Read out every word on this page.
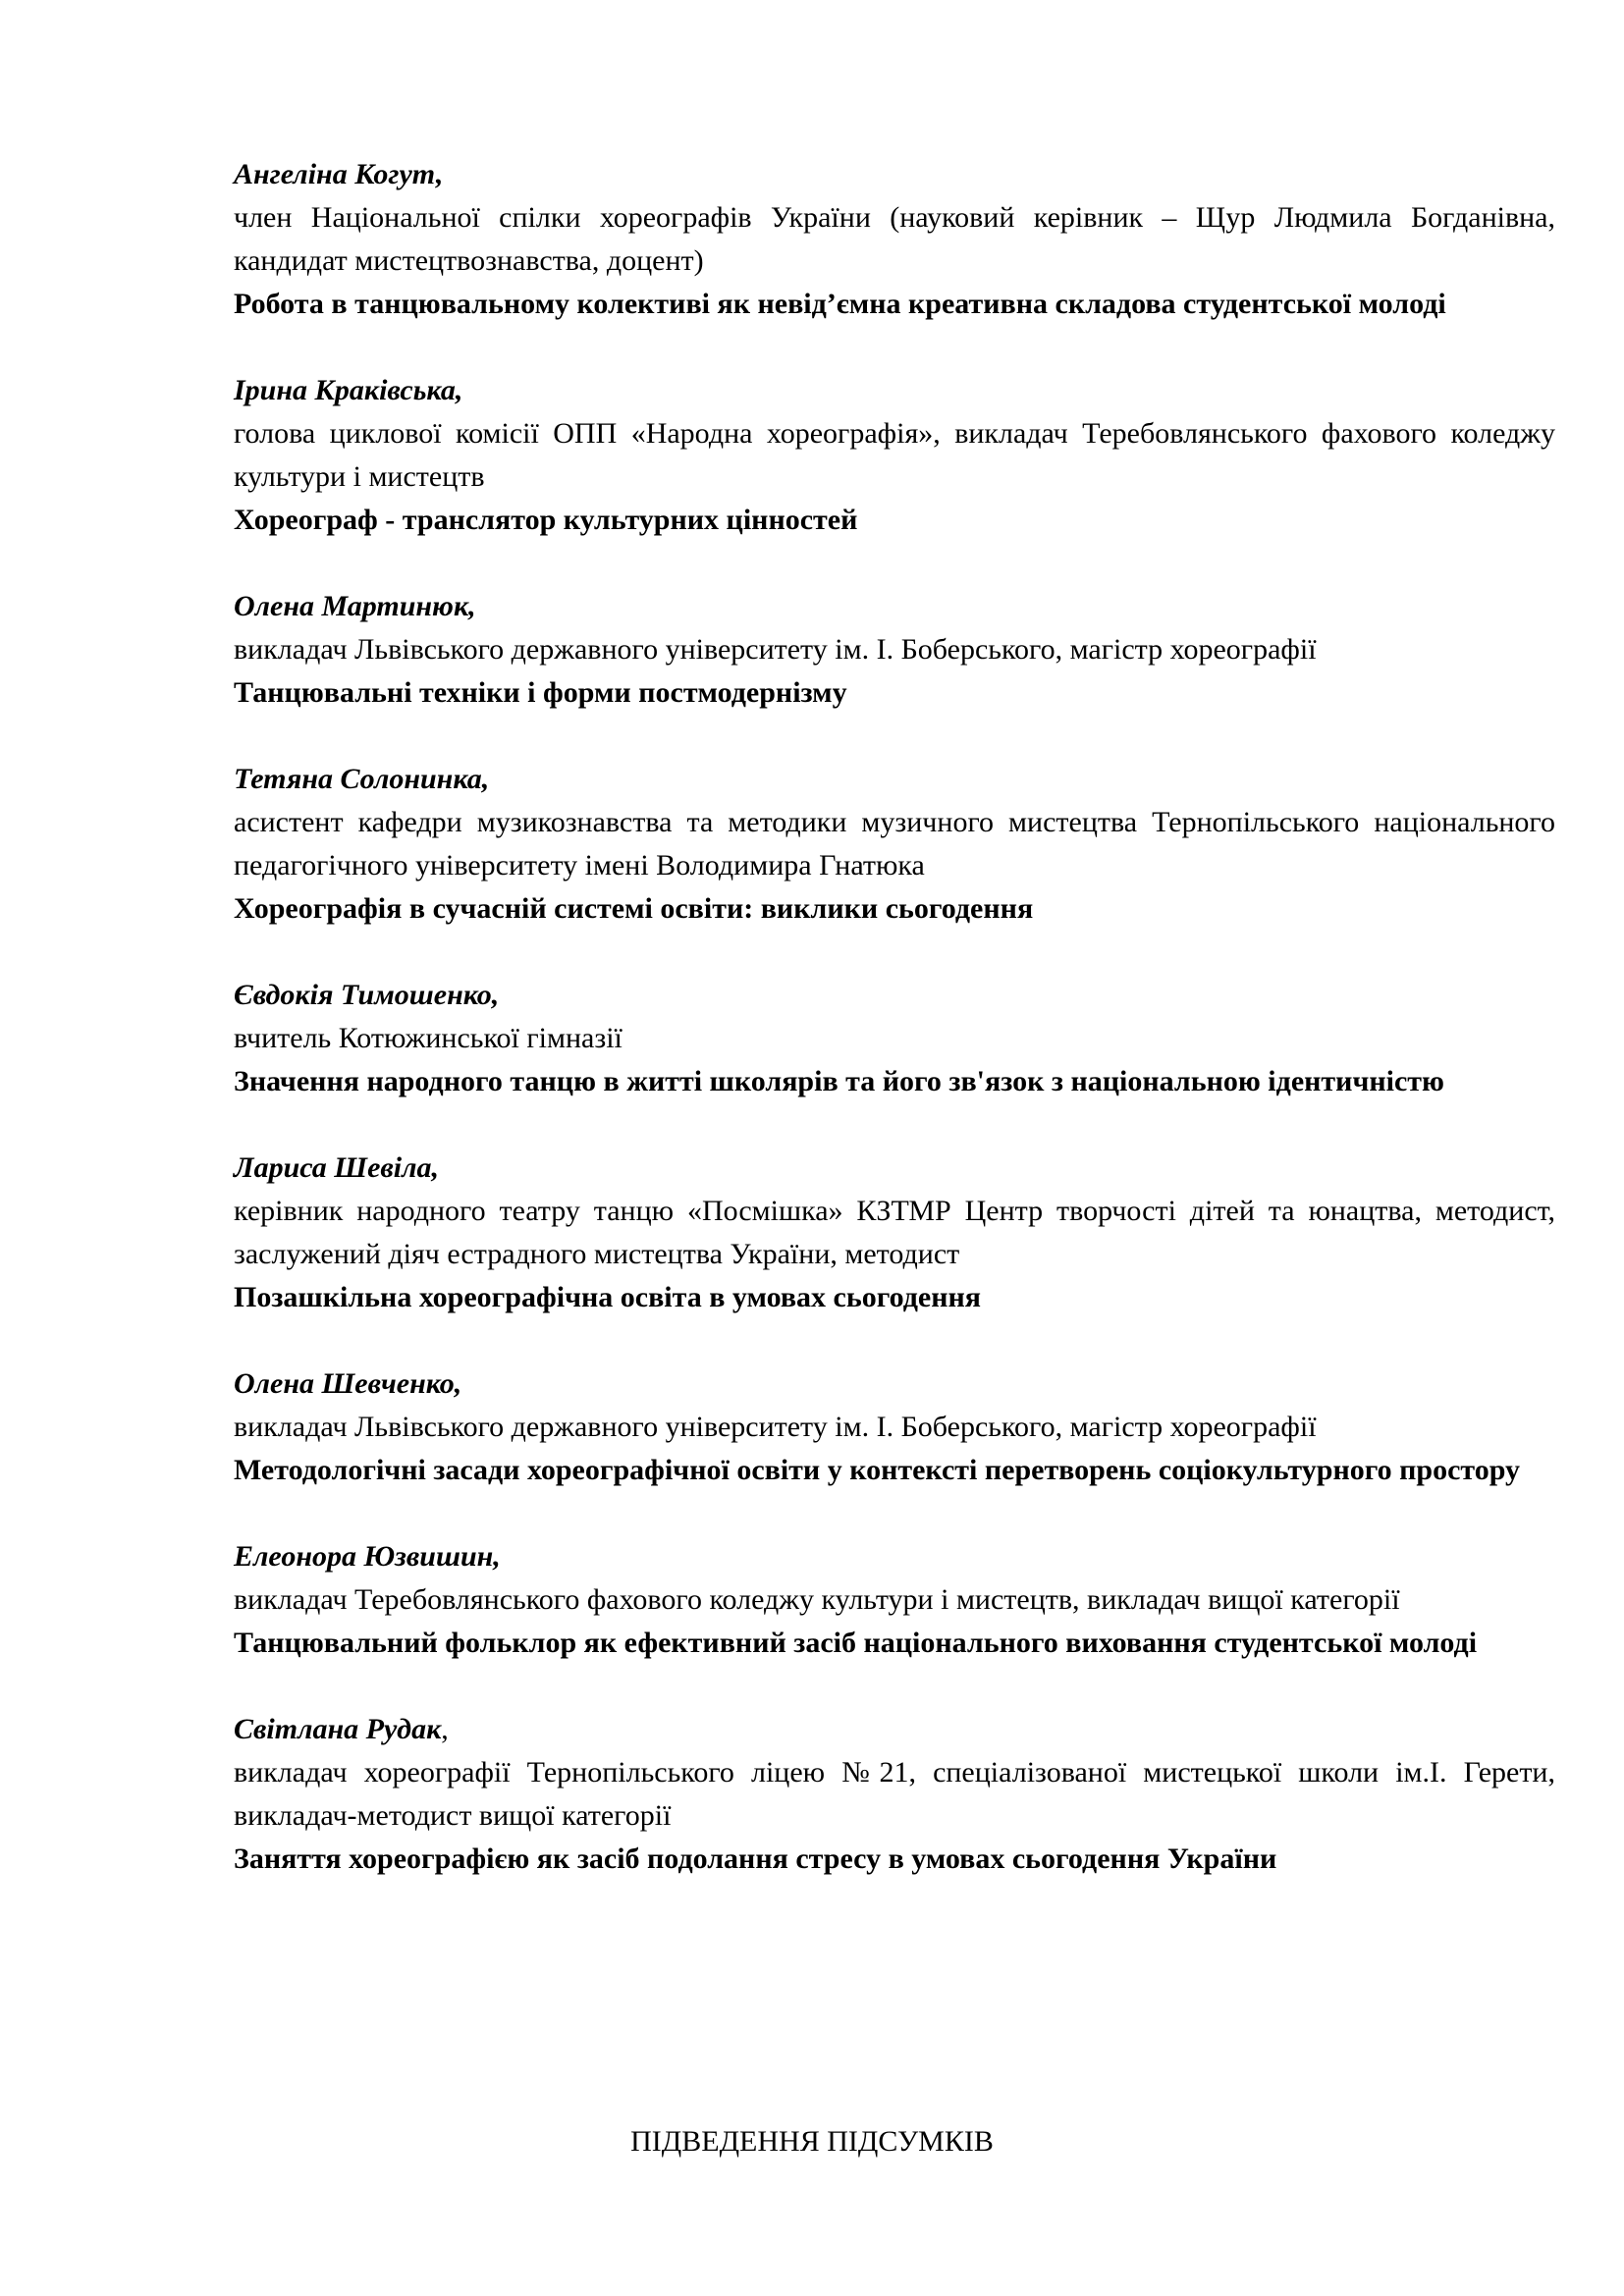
Ангеліна Когут,

член Національної спілки хореографів України (науковий керівник – Щур Людмила Богданівна, кандидат мистецтвознавства, доцент)

Робота в танцювальному колективі як невід’ємна креативна складова студентської молоді

Ірина Краківська,

голова циклової комісії ОПП «Народна хореографія», викладач Теребовлянського фахового коледжу культури і мистецтв

Хореограф - транслятор культурних цінностей

Олена Мартинюк,

викладач Львівського державного університету ім. І. Боберського, магістр хореографії

Танцювальні техніки і форми постмодернізму

Тетяна Солонинка,

асистент кафедри музикознавства та методики музичного мистецтва Тернопільського національного педагогічного університету імені Володимира Гнатюка

Хореографія в сучасній системі освіти: виклики сьогодення

Євдокія Тимошенко,

вчитель Котюжинської гімназії

Значення народного танцю в житті школярів та його зв'язок з національною ідентичністю

Лариса Шевіла,

керівник народного театру танцю «Посмішка» КЗТМР Центр творчості дітей та юнацтва, методист, заслужений діяч естрадного мистецтва України, методист

Позашкільна хореографічна освіта в умовах сьогодення

Олена Шевченко,

викладач Львівського державного університету ім. І. Боберського, магістр хореографії

Методологічні засади хореографічної освіти у контексті перетворень соціокультурного простору

Елеонора Юзвишин,

викладач Теребовлянського фахового коледжу культури і мистецтв, викладач вищої категорії

Танцювальний фольклор як ефективний засіб національного виховання студентської молоді

Світлана Рудак,

викладач хореографії Тернопільського ліцею №21, спеціалізованої мистецької школи ім.І. Герети, викладач-методист вищої категорії

Заняття хореографією як засіб подолання стресу в умовах сьогодення України

ПІДВЕДЕННЯ ПІДСУМКІВ
